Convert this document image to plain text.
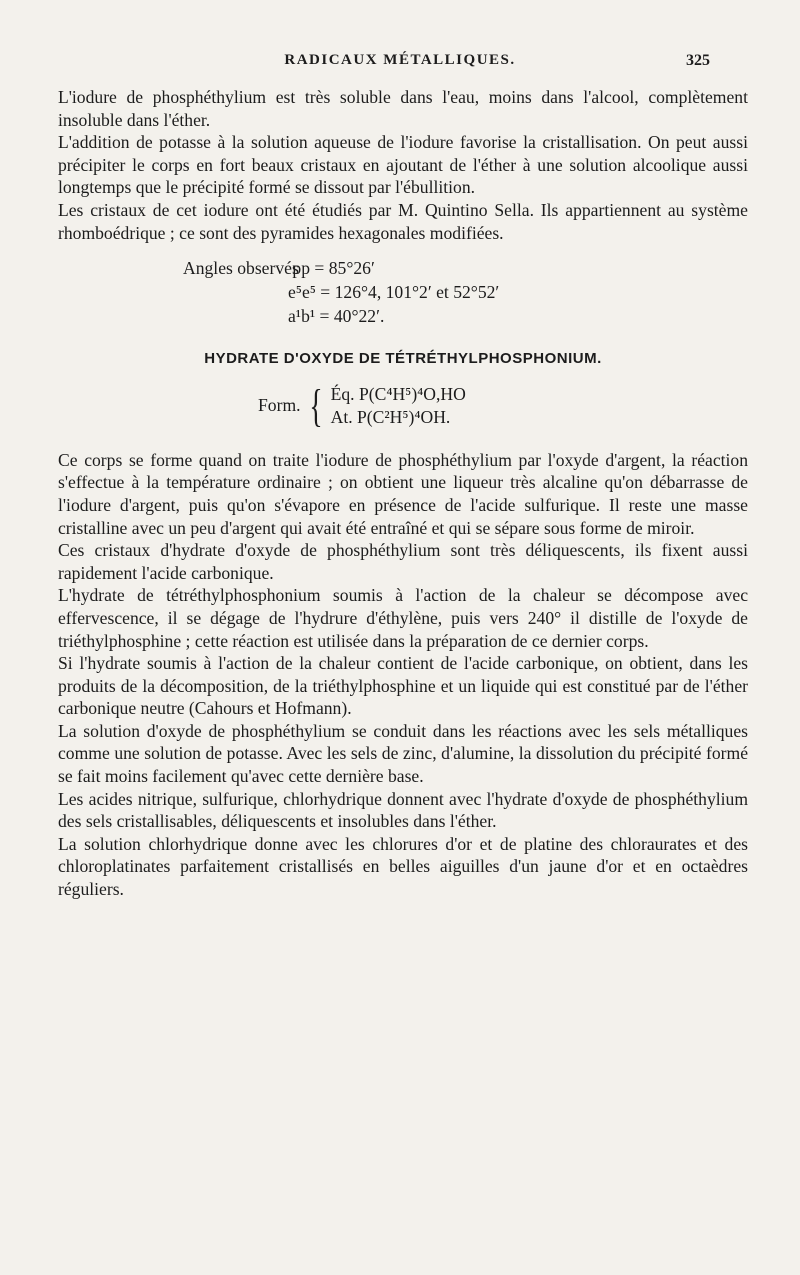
RADICAUX MÉTALLIQUES.	325

L'iodure de phosphéthylium est très soluble dans l'eau, moins dans l'alcool, complètement insoluble dans l'éther.

L'addition de potasse à la solution aqueuse de l'iodure favorise la cristallisation. On peut aussi précipiter le corps en fort beaux cristaux en ajoutant de l'éther à une solution alcoolique aussi longtemps que le précipité formé se dissout par l'ébullition.

Les cristaux de cet iodure ont été étudiés par M. Quintino Sella. Ils appartiennent au système rhomboédrique ; ce sont des pyramides hexagonales modifiées.

Angles observés pp = 85°26′
e⁵e⁵ = 126°4, 101°2′ et 52°52′
a¹b¹ = 40°22′.
HYDRATE D'OXYDE DE TÉTRÉTHYLPHOSPHONIUM.
Form. { Éq. P(C⁴H⁵)⁴O,HO
At. P(C²H⁵)⁴OH.

Ce corps se forme quand on traite l'iodure de phosphéthylium par l'oxyde d'argent, la réaction s'effectue à la température ordinaire ; on obtient une liqueur très alcaline qu'on débarrasse de l'iodure d'argent, puis qu'on s'évapore en présence de l'acide sulfurique. Il reste une masse cristalline avec un peu d'argent qui avait été entraîné et qui se sépare sous forme de miroir.

Ces cristaux d'hydrate d'oxyde de phosphéthylium sont très déliquescents, ils fixent aussi rapidement l'acide carbonique.

L'hydrate de tétréthylphosphonium soumis à l'action de la chaleur se décompose avec effervescence, il se dégage de l'hydrure d'éthylène, puis vers 240° il distille de l'oxyde de triéthylphosphine ; cette réaction est utilisée dans la préparation de ce dernier corps.

Si l'hydrate soumis à l'action de la chaleur contient de l'acide carbonique, on obtient, dans les produits de la décomposition, de la triéthylphosphine et un liquide qui est constitué par de l'éther carbonique neutre (Cahours et Hofmann).

La solution d'oxyde de phosphéthylium se conduit dans les réactions avec les sels métalliques comme une solution de potasse. Avec les sels de zinc, d'alumine, la dissolution du précipité formé se fait moins facilement qu'avec cette dernière base.

Les acides nitrique, sulfurique, chlorhydrique donnent avec l'hydrate d'oxyde de phosphéthylium des sels cristallisables, déliquescents et insolubles dans l'éther.

La solution chlorhydrique donne avec les chlorures d'or et de platine des chloraurates et des chloroplatinates parfaitement cristallisés en belles aiguilles d'un jaune d'or et en octaèdres réguliers.
